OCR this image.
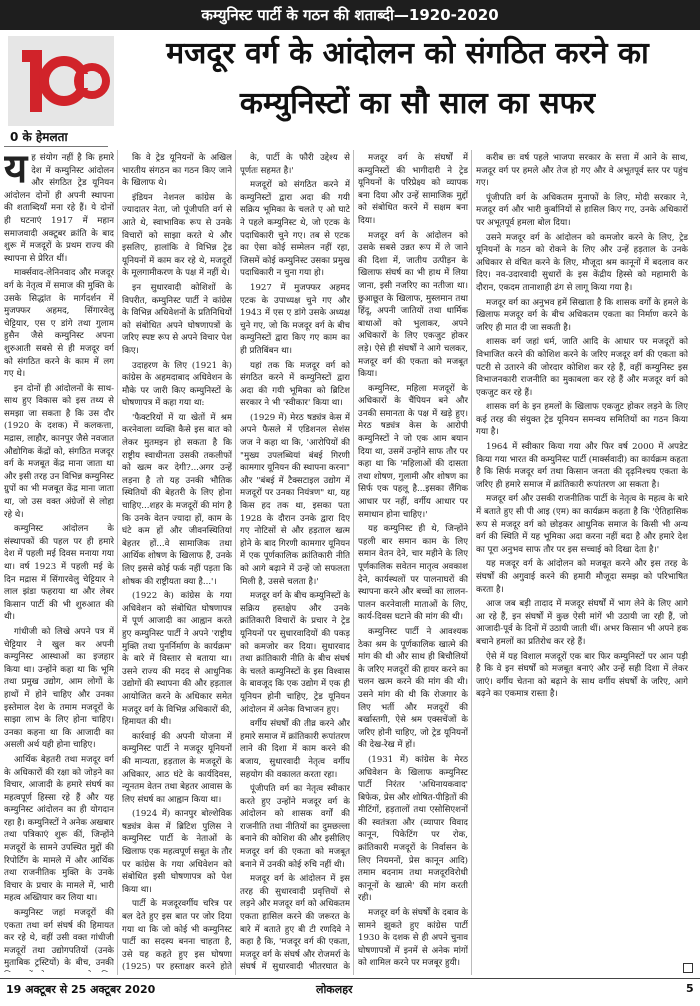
कम्युनिस्ट पार्टी के गठन की शताब्दी—1920-2020
मजदूर वर्ग के आंदोलन को संगठित करने का
कम्युनिस्टों का सौ साल का सफर
0 के हेमलता

यह संयोग नहीं है कि हमारे देश में कम्युनिस्ट आंदोलन और संगठित ट्रेड यूनियन आंदोलन दोनों ही अपनी स्थापना की शताब्दियाँ मना रहे हैं। ये दोनों ही घटनाएं 1917 में महान समाजवादी अक्टूबर क्रांति के बाद शुरू में मजदूरों के प्रथम राज्य की स्थापना से प्रेरित थीं।

मार्क्सवाद-लेनिनवाद और मजदूर वर्ग के नेतृत्व में समाज की मुक्ति के उसके सिद्धांत के मार्गदर्शन में मुजफ्फर अहमद, सिंगारवेलु चेट्टियार, एस ए डांगे तथा गुलाम हुसैन जैसे कम्युनिस्ट अपना शुरुआती सबसे से ही मजदूर वर्ग को संगठित करने के काम में लग गए थे।

इन दोनों ही आंदोलनों के साथ-साथ हुए विकास को इस तथ्य से समझा जा सकता है कि उस दौर (1920 के दशक) में कलकत्ता, मद्रास, लाहौर, कानपुर जैसे नवजात औद्योगिक केंद्रों को, संगठित मजदूर वर्ग के मजबूत केंद्र माना जाता था और इसी तरह उन विभिन्न कम्युनिस्ट ग्रुपों का भी मजबूत केंद्र माना जाता था, जो उस वक्त अंग्रेजों से लोहा रहे थे।

कम्युनिस्ट आंदोलन के संस्थापकों की पहल पर ही हमारे देश में पहली मई दिवस मनाया गया था। वर्ष 1923 में पहली मई के दिन मद्रास में सिंगारवेलु चेट्टियार ने लाल झंडा फहराया था और लेबर किसान पार्टी की भी शुरुआत की थी।

गांधीजी को लिखे अपने पत्र में चेट्टियार ने खुल कर अपनी कम्युनिस्ट आस्थाओं का इजहार किया था। उन्होंने कहा था कि भूमि तथा प्रमुख उद्योग, आम लोगों के हाथों में होने चाहिए और उनका इस्तेमाल देश के तमाम मजदूरों के साझा लाभ के लिए होना चाहिए। उनका कहना था कि आजादी का असली अर्थ यही होना चाहिए।

आर्थिक बेहतरी तथा मजदूर वर्ग के अधिकारों की रक्षा को जोड़ने का विचार, आजादी के हमारे संघर्ष का महत्वपूर्ण हिस्सा रहे हैं और यह कम्युनिस्ट आंदोलन का ही योगदान रहा है। कम्युनिस्टों ने अनेक अखबार तथा पत्रिकाएं शुरू कीं, जिन्होंने मजदूरों के सामने उपस्थित मुद्दों की रिपोर्टिंग के मामले में और आर्थिक तथा राजनीतिक मुक्ति के उनके विचार के प्रचार के मामले में, भारी महत्व अख्तियार कर लिया था।

कम्युनिस्ट जहां मजदूरों की एकता तथा वर्ग संघर्ष की हिमायत कर रहे थे, वहीं उसी वक्त गांधीजी मजदूरों तथा उद्योगपतियों (उनके मुताबिक ट्रस्टियों) के बीच, उनकी

कि वे ट्रेड यूनियनों के अखिल भारतीय संगठन का गठन किए जाने के खिलाफ थे।

इंडियन नेशनल कांग्रेस के ज्यादातर नेता, जो पूंजीपति वर्ग से आते थे, स्वाभाविक रूप से उनके विचारों को साझा करते थे और इसलिए, हालांकि वे विभिन्न ट्रेड यूनियनों में काम कर रहे थे, मजदूरों के मूलगामीकरण के पक्ष में नहीं थे।

इन सुधारवादी कोशिशों के विपरीत, कम्युनिस्ट पार्टी ने कांग्रेस के विभिन्न अधिवेशनों के प्रतिनिधियों को संबोधित अपने घोषणापत्रों के जरिए स्पष्ट रूप से अपने विचार पेश किए।

उदाहरण के लिए (1921 के) कांग्रेस के अहमदाबाद अधिवेशन के मौके पर जारी किए कम्युनिस्टों के घोषणापत्र में कहा गया था:

'फैक्टरियों में या खेतों में श्रम करनेवाला व्यक्ति कैसे इस बात को लेकर मुतमइन हो सकता है कि राष्ट्रीय स्वाधीनता उसकी तकलीफों को खत्म कर देगी?...अगर उन्हें लड़ना है तो यह उनकी भौतिक स्थितियों की बेहतरी के लिए होना चाहिए...शहर के मजदूरों की मांग है कि उनके वेतन ज्यादा हों, काम के घंटे कम हों और जीवनस्थितियां बेहतर हों...वे सामाजिक तथा आर्थिक शोषण के खिलाफ हैं, उनके लिए इससे कोई फर्क नहीं पड़ता कि शोषक की राष्ट्रीयता क्या है...'।

(1922 के) कांग्रेस के गया अधिवेशन को संबोधित घोषणापत्र में पूर्ण आजादी का आह्वान करते हुए कम्युनिस्ट पार्टी ने अपने 'राष्ट्रीय मुक्ति तथा पुनर्निर्माण के कार्यक्रम' के बारे में विस्तार से बताया था। उसने राज्य की मदद से आधुनिक उद्योगों की स्थापना की और हड़ताल आयोजित करने के अधिकार समेत मजदूर वर्ग के विभिन्न अधिकारों की, हिमायत की थी।

कार्रवाई की अपनी योजना में कम्युनिस्ट पार्टी ने मजदूर यूनियनों की मान्यता, हड़ताल के मजदूरों के अधिकार, आठ घंटे के कार्यदिवस, न्यूनतम वेतन तथा बेहतर आवास के लिए संघर्ष का आह्वान किया था।

(1924 में) कानपुर बोल्शेविक षड्यंत्र केस में ब्रिटिश पुलिस ने कम्युनिस्ट पार्टी के नेताओं के खिलाफ एक महत्वपूर्ण सबूत के तौर पर कांग्रेस के गया अधिवेशन को संबोधित इसी घोषणापत्र को पेश किया था।

पार्टी के मजदूरवर्गीय चरित्र पर बल देते हुए इस बात पर जोर दिया गया था कि जो कोई भी कम्युनिस्ट पार्टी का सदस्य बनना चाहता है, उसे यह कहते हुए इस घोषणा (1925) पर हस्ताक्षर करने होते

के, पार्टी के फौरी उद्देश्य से पूर्णतः सहमत है।'

मजदूरों को संगठित करने में कम्युनिस्टों द्वारा अदा की गयी सक्रिय भूमिका के चलते ए ओ घाटे ने पहले कम्युनिस्ट थे, जो एटक के पदाधिकारी चुने गए। तब से एटक का ऐसा कोई सम्मेलन नहीं रहा, जिसमें कोई कम्युनिस्ट उसका प्रमुख पदाधिकारी न चुना गया हो।

1927 में मुजफ्फर अहमद एटक के उपाध्यक्ष चुने गए और 1943 में एस ए डांगे उसके अध्यक्ष चुने गए, जो कि मजदूर वर्ग के बीच कम्युनिस्टों द्वारा किए गए काम का ही प्रतिबिंबन था।

यहां तक कि मजदूर वर्ग को संगठित करने में कम्युनिस्टों द्वारा अदा की गयी भूमिका को ब्रिटिश सरकार ने भी 'स्वीकार' किया था।

(1929 में) मेरठ षड्यंत्र केस में अपने फैसले में एडिशनल सेशंस जज ने कहा था कि, 'आरोपियों की "मुख्य उपलब्धियां बंबई गिरणी कामगार यूनियन की स्थापना करना" और "बंबई में टैक्सटाइल उद्योग में मजदूरों पर उनका नियंत्रण" था, यह किस हद तक था, इसका पता 1928 के दौरान उनके द्वारा दिए गए नोटिसों से और हड़ताल खत्म होने के बाद गिरणी कामगार यूनियन में एक पूर्णकालिक क्रांतिकारी नीति को आगे बढ़ाने में उन्हें जो सफलता मिली है, उससे चलता है।'

मजदूर वर्ग के बीच कम्युनिस्टों के सक्रिय हस्तक्षेप और उनके क्रांतिकारी विचारों के प्रचार ने ट्रेड यूनियनों पर सुधारवादियों की पकड़ को कमजोर कर दिया। सुधारवाद तथा क्रांतिकारी नीति के बीच संघर्ष के चलते कम्युनिस्टों के इस विश्वास के बावजूद कि एक उद्योग में एक ही यूनियन होनी चाहिए, ट्रेड यूनियन आंदोलन में अनेक विभाजन हुए।

वर्गीय संघर्षों की तीव्र करने और हमारे समाज में क्रांतिकारी रूपांतरण लाने की दिशा में काम करने की बजाय, सुधारवादी नेतृत्व वर्गीय सहयोग की वकालत करता रहा।

पूंजीपति वर्ग का नेतृत्व स्वीकार करते हुए उन्होंने मजदूर वर्ग के आंदोलन को शासक वर्गों की राजनीति तथा नीतियों का दुमछल्ला बनाने की कोशिश की और इसीलिए मजदूर वर्ग की एकता को मजबूत बनाने में उनकी कोई रुचि नहीं थी।

मजदूर वर्ग के आंदोलन में इस तरह की सुधारवादी प्रवृत्तियों से लड़ने और मजदूर वर्ग को अधिकतम एकता हासिल करने की जरूरत के बारे में बताते हुए बी टी रणदिवे ने कहा है कि, 'मजदूर वर्ग की एकता, मजदूर वर्ग के संघर्ष और रोजमर्रा के संघर्ष में सुधारवादी भीतरघात के

मजदूर वर्ग के संघर्षों में कम्युनिस्टों की भागीदारी ने ट्रेड यूनियनों के परिप्रेक्ष्य को व्यापक बना दिया और उन्हें सामाजिक मुद्दों को संबोधित करने में सक्षम बना दिया।

मजदूर वर्ग के आंदोलन को उसके सबसे उन्नत रूप में ले जाने की दिशा में, जातीय उत्पीड़न के खिलाफ संघर्ष का भी हाथ में लिया जाना, इसी नजरिए का नतीजा था। छुआछूत के खिलाफ, मुस्लमान तथा हिंदू, अपनी जातियों तथा धार्मिक बाधाओं को भुलाकर, अपने अधिकारों के लिए एकजुट होकर लड़े। ऐसे ही संघर्षों ने आगे चलकर, मजदूर वर्ग की एकता को मजबूत किया।

कम्युनिस्ट, महिला मजदूरों के अधिकारों के चैंपियन बने और उनकी समानता के पक्ष में खड़े हुए। मेरठ षड्यंत्र केस के आरोपी कम्युनिस्टों ने जो एक आम बयान दिया था, उसमें उन्होंने साफ तौर पर कहा था कि 'महिलाओं की दासता तथा शोषण, गुलामी और शोषण का सिर्फ एक पहलू है...इसका लैंगिक आधार पर नहीं, वर्गीय आधार पर समाधान होना चाहिए।'

यह कम्युनिस्ट ही थे, जिन्होंने पहली बार समान काम के लिए समान वेतन देने, चार महीने के लिए पूर्णकालिक सवेतन मातृत्व अवकाश देने, कार्यस्थलों पर पालनाघरों की स्थापना करने और बच्चों का लालन-पालन करनेवाली माताओं के लिए, कार्य-दिवस घटाने की मांग की थी।

कम्युनिस्ट पार्टी ने आवश्यक ठेका श्रम के पूर्णकालिक खात्मे की मांग की थी और साथ ही बिचौलियों के जरिए मजदूरों की हायर करने का चलन खत्म करने की मांग की थी। उसने मांग की थी कि रोजगार के लिए भर्ती और मजदूरों की बर्खास्तगी, ऐसे श्रम एक्सचेंजों के जरिए होनी चाहिए, जो ट्रेड यूनियनों की देख-रेख में हों।

(1931 में) कांग्रेस के मेरठ अधिवेशन के खिलाफ कम्युनिस्ट पार्टी निरंतर 'अधिनायकवाद' बिफेक, प्रेस और शोषित-पीड़ितों की मीटिंगों, हड़तालों तथा एसोसिएशनों की स्वतंत्रता और (व्यापार विवाद कानून, पिकेटिंग पर रोक, क्रांतिकारी मजदूरों के निर्वासन के लिए नियमनों, प्रेस कानून आदि) तमाम बदनाम तथा मजदूरविरोधी कानूनों के खात्मे' की मांग करती रही।

मजदूर वर्ग के संघर्षों के दबाव के सामने झुकते हुए कांग्रेस पार्टी 1930 के दशक से ही अपने चुनाव घोषणापत्रों में इनमें से अनेक मांगों को शामिल करने पर मजबूर हुयी।

करीब छः वर्ष पहले भाजपा सरकार के सत्ता में आने के साथ, मजदूर वर्ग पर हमले और तेज हो गए और वे अभूतपूर्व स्तर पर पहुंच गए।

पूंजीपति वर्ग के अधिकतम मुनाफों के लिए, मोदी सरकार ने, मजदूर वर्ग और भारी कुर्बानियों से हासिल किए गए, उनके अधिकारों पर अभूतपूर्व हमला बोल दिया।

उसने मजदूर वर्ग के आंदोलन को कमजोर करने के लिए, ट्रेड यूनियनों के गठन को रोकने के लिए और उन्हें हड़ताल के उनके अधिकार से वंचित करने के लिए, मौजूदा श्रम कानूनों में बदलाव कर दिए। नव-उदारवादी सुधारों के इस केंद्रीय हिस्से को महामारी के दौरान, एकदम तानाशाही ढंग से लागू किया गया है।

मजदूर वर्ग का अनुभव हमें सिखाता है कि शासक वर्गों के हमले के खिलाफ मजदूर वर्ग के बीच अधिकतम एकता का निर्माण करने के जरिए ही मात दी जा सकती है।

शासक वर्ग जहां धर्म, जाति आदि के आधार पर मजदूरों को विभाजित करने की कोशिश करने के जरिए मजदूर वर्ग की एकता को पटरी से उतारने की जोरदार कोशिश कर रहे हैं, वहीं कम्युनिस्ट इस विभाजनकारी राजनीति का मुकाबला कर रहे हैं और मजदूर वर्ग को एकजुट कर रहे हैं।

शासक वर्ग के इन हमलों के खिलाफ एकजुट होकर लड़ने के लिए कई तरह की संयुक्त ट्रेड यूनियन समन्वय समितियों का गठन किया गया है।

1964 में स्वीकार किया गया और फिर वर्ष 2000 में अपडेट किया गया भारत की कम्युनिस्ट पार्टी (मार्क्सवादी) का कार्यक्रम कहता है कि सिर्फ मजदूर वर्ग तथा किसान जनता की दृढ़निश्चय एकता के जरिए ही हमारे समाज में क्रांतिकारी रूपांतरण आ सकता है।

मजदूर वर्ग और उसकी राजनीतिक पार्टी के नेतृत्व के महत्व के बारे में बताते हुए सी पी आइ (एम) का कार्यक्रम कहता है कि 'ऐतिहासिक रूप से मजदूर वर्ग को छोड़कर आधुनिक समाज के किसी भी अन्य वर्ग की स्थिति में यह भूमिका अदा करना नहीं बदा है और हमारे देश का पूरा अनुभव साफ तौर पर इस सच्चाई को दिखा देता है।'

यह मजदूर वर्ग के आंदोलन को मजबूत करने और इस तरह के संघर्षों की अगुवाई करने की हमारी मौजूदा समझ को परिभाषित करता है।

आज जब बड़ी तादाद में मजदूर संघर्षों में भाग लेने के लिए आगे आ रहे हैं, इन संघर्षों में कुछ ऐसी मांगें भी उठायी जा रही हैं, जो आजादी-पूर्व के दिनों में उठायी जाती थीं। अभर किसान भी अपने हक बचाने हमलों का प्रतिरोध कर रहे हैं।

ऐसे में यह विशाल मजदूरों एक बार फिर कम्युनिस्टों पर आन पड़ी है कि वे इन संघर्षों को मजबूत बनाएं और उन्हें सही दिशा में लेकर जाएं। वर्गीय चेतना को बढ़ाने के साथ वर्गीय संघर्षों के जरिए, आगे बढ़ने का एकमात्र रास्ता है।

19 अक्टूबर से 25 अक्टूबर 2020	लोकलहर	5
